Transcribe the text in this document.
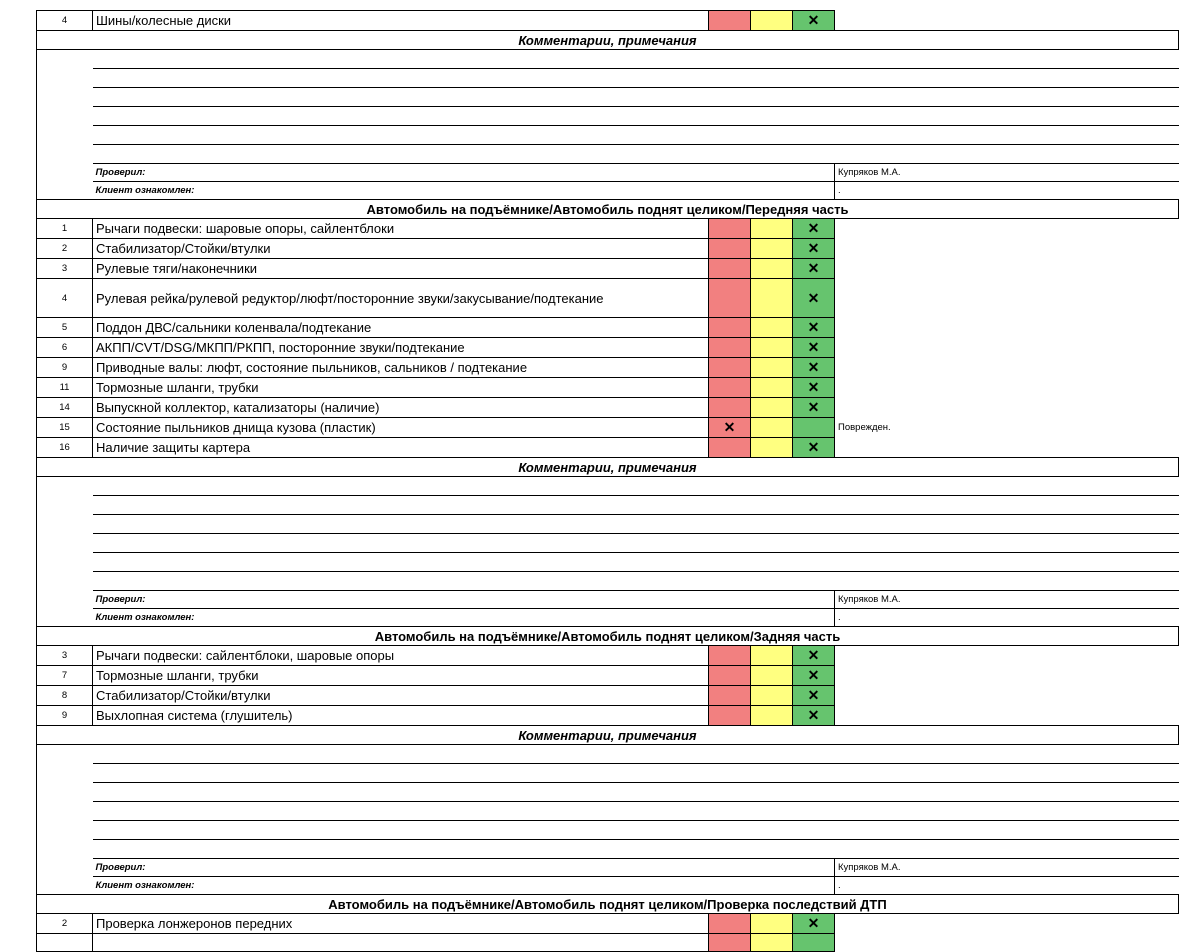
4	Шины/колесные диски			✕	
Комментарии, примечания					

	Проверил:				Купряков М.А.
	Клиент ознакомлен:				.
Автомобиль на подъёмнике/Автомобиль поднят целиком/Передняя часть					
1	Рычаги подвески: шаровые опоры, сайлентблоки			✕	
2	Стабилизатор/Стойки/втулки			✕	
3	Рулевые тяги/наконечники			✕	
4	Рулевая рейка/рулевой редуктор/люфт/посторонние звуки/закусывание/подтекание			✕	
5	Поддон ДВС/сальники коленвала/подтекание			✕	
6	АКПП/CVT/DSG/МКПП/РКПП, посторонние звуки/подтекание			✕	
9	Приводные валы: люфт, состояние пыльников, сальников / подтекание			✕	
11	Тормозные шланги, трубки			✕	
14	Выпускной коллектор, катализаторы (наличие)			✕	
15	Состояние пыльников днища кузова (пластик)	✕			Поврежден.
16	Наличие защиты картера			✕	
Комментарии, примечания					

	Проверил:				Купряков М.А.
	Клиент ознакомлен:				.
Автомобиль на подъёмнике/Автомобиль поднят целиком/Задняя часть					
3	Рычаги подвески: сайлентблоки, шаровые опоры			✕	
7	Тормозные шланги, трубки			✕	
8	Стабилизатор/Стойки/втулки			✕	
9	Выхлопная система (глушитель)			✕	
Комментарии, примечания					

	Проверил:				Купряков М.А.
	Клиент ознакомлен:				.
Автомобиль на подъёмнике/Автомобиль поднят целиком/Проверка последствий ДТП					
2	Проверка лонжеронов передних			✕	
